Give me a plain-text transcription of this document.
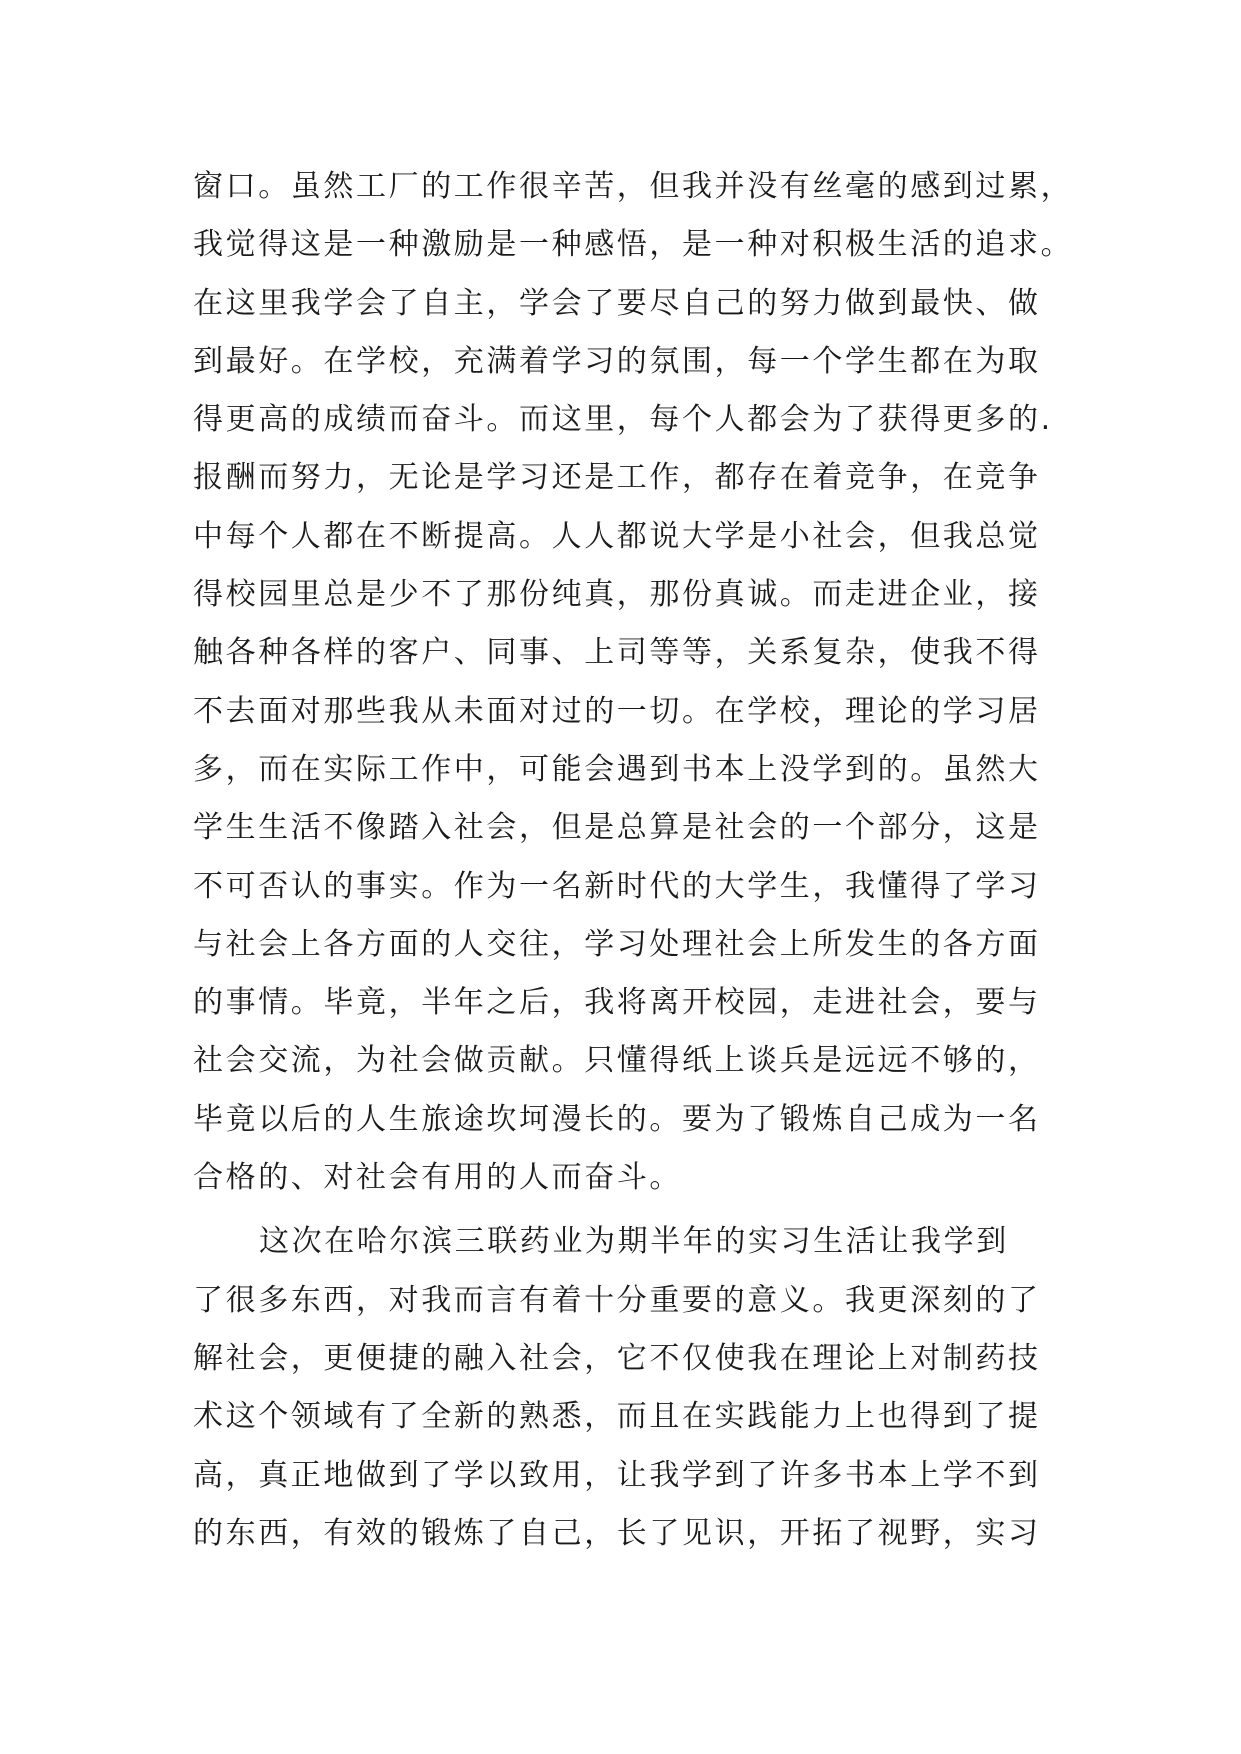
窗口。虽然工厂的工作很辛苦，但我并没有丝毫的感到过累，
我觉得这是一种激励是一种感悟，是一种对积极生活的追求。
在这里我学会了自主，学会了要尽自己的努力做到最快、做
到最好。在学校，充满着学习的氛围，每一个学生都在为取
得更高的成绩而奋斗。而这里，每个人都会为了获得更多的.
报酬而努力，无论是学习还是工作，都存在着竞争，在竞争
中每个人都在不断提高。人人都说大学是小社会，但我总觉
得校园里总是少不了那份纯真，那份真诚。而走进企业，接
触各种各样的客户、同事、上司等等，关系复杂，使我不得
不去面对那些我从未面对过的一切。在学校，理论的学习居
多，而在实际工作中，可能会遇到书本上没学到的。虽然大
学生生活不像踏入社会，但是总算是社会的一个部分，这是
不可否认的事实。作为一名新时代的大学生，我懂得了学习
与社会上各方面的人交往，学习处理社会上所发生的各方面
的事情。毕竟，半年之后，我将离开校园，走进社会，要与
社会交流，为社会做贡献。只懂得纸上谈兵是远远不够的，
毕竟以后的人生旅途坎坷漫长的。要为了锻炼自己成为一名
合格的、对社会有用的人而奋斗。
这次在哈尔滨三联药业为期半年的实习生活让我学到
了很多东西，对我而言有着十分重要的意义。我更深刻的了
解社会，更便捷的融入社会，它不仅使我在理论上对制药技
术这个领域有了全新的熟悉，而且在实践能力上也得到了提
高，真正地做到了学以致用，让我学到了许多书本上学不到
的东西，有效的锻炼了自己，长了见识，开拓了视野，实习
